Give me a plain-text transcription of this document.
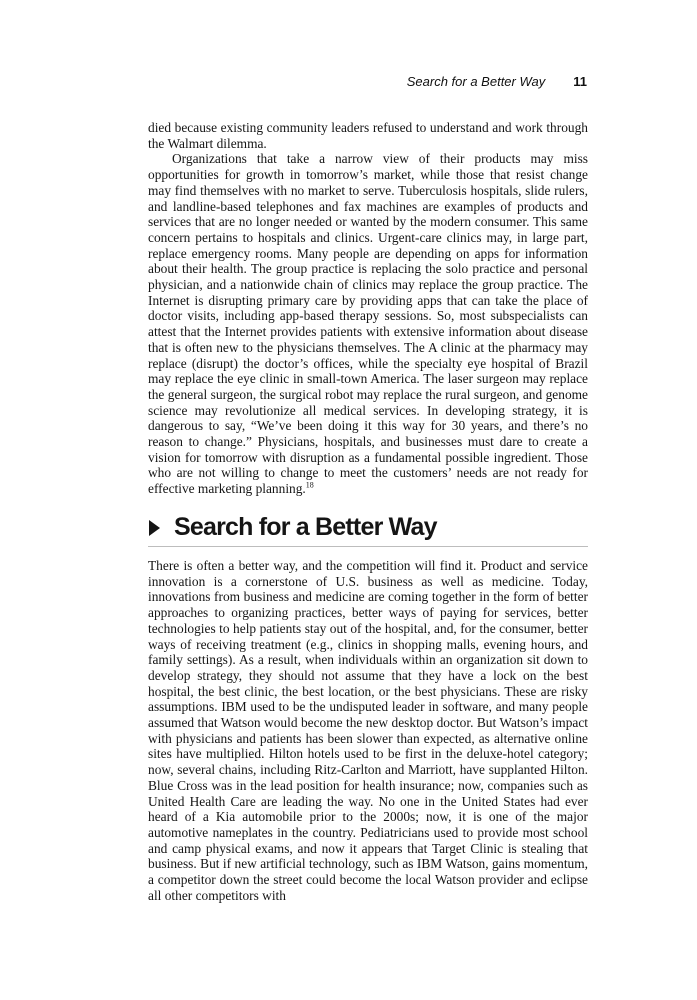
Search for a Better Way 11

died because existing community leaders refused to understand and work through the Walmart dilemma.

Organizations that take a narrow view of their products may miss opportunities for growth in tomorrow’s market, while those that resist change may find themselves with no market to serve. Tuberculosis hospitals, slide rulers, and landline-based telephones and fax machines are examples of products and services that are no longer needed or wanted by the modern consumer. This same concern pertains to hospitals and clinics. Urgent-care clinics may, in large part, replace emergency rooms. Many people are depending on apps for information about their health. The group practice is replacing the solo practice and personal physician, and a nationwide chain of clinics may replace the group practice. The Internet is disrupting primary care by providing apps that can take the place of doctor visits, including app-based therapy sessions. So, most subspecialists can attest that the Internet provides patients with extensive information about disease that is often new to the physicians themselves. The A clinic at the pharmacy may replace (disrupt) the doctor’s offices, while the specialty eye hospital of Brazil may replace the eye clinic in small-town America. The laser surgeon may replace the general surgeon, the surgical robot may replace the rural surgeon, and genome science may revolutionize all medical services. In developing strategy, it is dangerous to say, “We’ve been doing it this way for 30 years, and there’s no reason to change.” Physicians, hospitals, and businesses must dare to create a vision for tomorrow with disruption as a fundamental possible ingredient. Those who are not willing to change to meet the customers’ needs are not ready for effective marketing planning.$^{18}$

Search for a Better Way

There is often a better way, and the competition will find it. Product and service innovation is a cornerstone of U.S. business as well as medicine. Today, innovations from business and medicine are coming together in the form of better approaches to organizing practices, better ways of paying for services, better technologies to help patients stay out of the hospital, and, for the consumer, better ways of receiving treatment (e.g., clinics in shopping malls, evening hours, and family settings). As a result, when individuals within an organization sit down to develop strategy, they should not assume that they have a lock on the best hospital, the best clinic, the best location, or the best physicians. These are risky assumptions. IBM used to be the undisputed leader in software, and many people assumed that Watson would become the new desktop doctor. But Watson’s impact with physicians and patients has been slower than expected, as alternative online sites have multiplied. Hilton hotels used to be first in the deluxe-hotel category; now, several chains, including Ritz-Carlton and Marriott, have supplanted Hilton. Blue Cross was in the lead position for health insurance; now, companies such as United Health Care are leading the way. No one in the United States had ever heard of a Kia automobile prior to the 2000s; now, it is one of the major automotive nameplates in the country. Pediatricians used to provide most school and camp physical exams, and now it appears that Target Clinic is stealing that business. But if new artificial technology, such as IBM Watson, gains momentum, a competitor down the street could become the local Watson provider and eclipse all other competitors with
